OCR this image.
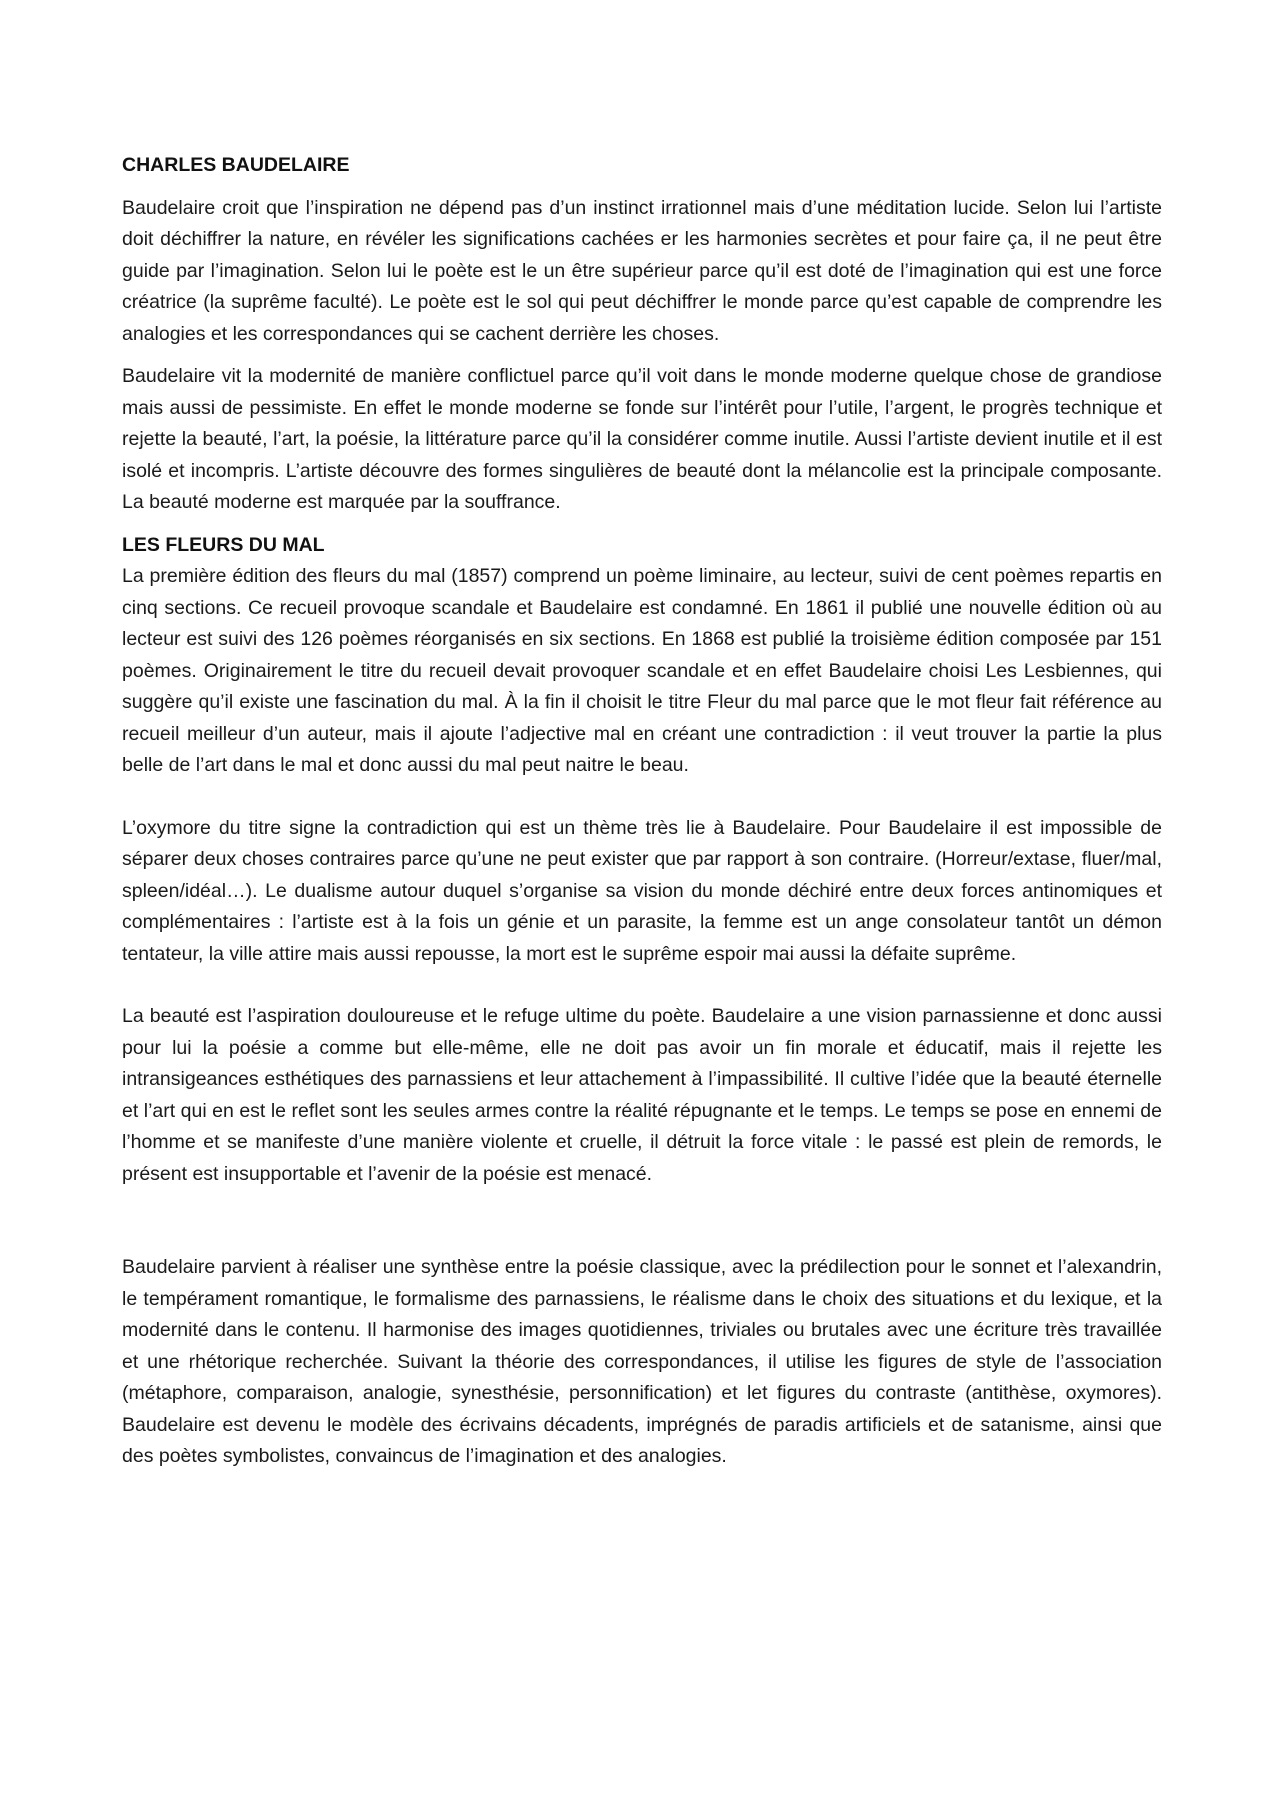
CHARLES BAUDELAIRE

Baudelaire croit que l’inspiration ne dépend pas d’un instinct irrationnel mais d’une méditation lucide. Selon lui l’artiste doit déchiffrer la nature, en révéler les significations cachées er les harmonies secrètes et pour faire ça, il ne peut être guide par l’imagination. Selon lui le poète est le un être supérieur parce qu’il est doté de l’imagination qui est une force créatrice (la suprême faculté). Le poète est le sol qui peut déchiffrer le monde parce qu’est capable de comprendre les analogies et les correspondances qui se cachent derrière les choses.

Baudelaire vit la modernité de manière conflictuel parce qu’il voit dans le monde moderne quelque chose de grandiose mais aussi de pessimiste. En effet le monde moderne se fonde sur l’intérêt pour l’utile, l’argent, le progrès technique et rejette la beauté, l’art, la poésie, la littérature parce qu’il la considérer comme inutile. Aussi l’artiste devient inutile et il est isolé et incompris. L’artiste découvre des formes singulières de beauté dont la mélancolie est la principale composante. La beauté moderne est marquée par la souffrance.

LES FLEURS DU MAL

La première édition des fleurs du mal (1857) comprend un poème liminaire, au lecteur, suivi de cent poèmes repartis en cinq sections. Ce recueil provoque scandale et Baudelaire est condamné. En 1861 il publié une nouvelle édition où au lecteur est suivi des 126 poèmes réorganisés en six sections. En 1868 est publié la troisième édition composée par 151 poèmes. Originairement le titre du recueil devait provoquer scandale et en effet Baudelaire choisi Les Lesbiennes, qui suggère qu’il existe une fascination du mal. À la fin il choisit le titre Fleur du mal parce que le mot fleur fait référence au recueil meilleur d’un auteur, mais il ajoute l’adjective mal en créant une contradiction : il veut trouver la partie la plus belle de l’art dans le mal et donc aussi du mal peut naitre le beau.

L’oxymore du titre signe la contradiction qui est un thème très lie à Baudelaire. Pour Baudelaire il est impossible de séparer deux choses contraires parce qu’une ne peut exister que par rapport à son contraire. (Horreur/extase, fluer/mal, spleen/idéal…). Le dualisme autour duquel s’organise sa vision du monde déchiré entre deux forces antinomiques et complémentaires : l’artiste est à la fois un génie et un parasite, la femme est un ange consolateur tantôt un démon tentateur, la ville attire mais aussi repousse, la mort est le suprême espoir mai aussi la défaite suprême.

La beauté est l’aspiration douloureuse et le refuge ultime du poète. Baudelaire a une vision parnassienne et donc aussi pour lui la poésie a comme but elle-même, elle ne doit pas avoir un fin morale et éducatif, mais il rejette les intransigeances esthétiques des parnassiens et leur attachement à l’impassibilité. Il cultive l’idée que la beauté éternelle et l’art qui en est le reflet sont les seules armes contre la réalité répugnante et le temps. Le temps se pose en ennemi de l’homme et se manifeste d’une manière violente et cruelle, il détruit la force vitale : le passé est plein de remords, le présent est insupportable et l’avenir de la poésie est menacé.

Baudelaire parvient à réaliser une synthèse entre la poésie classique, avec la prédilection pour le sonnet et l’alexandrin, le tempérament romantique, le formalisme des parnassiens, le réalisme dans le choix des situations et du lexique, et la modernité dans le contenu. Il harmonise des images quotidiennes, triviales ou brutales avec une écriture très travaillée et une rhétorique recherchée. Suivant la théorie des correspondances, il utilise les figures de style de l’association (métaphore, comparaison, analogie, synesthésie, personnification) et let figures du contraste (antithèse, oxymores). Baudelaire est devenu le modèle des écrivains décadents, imprégnés de paradis artificiels et de satanisme, ainsi que des poètes symbolistes, convaincus de l’imagination et des analogies.
